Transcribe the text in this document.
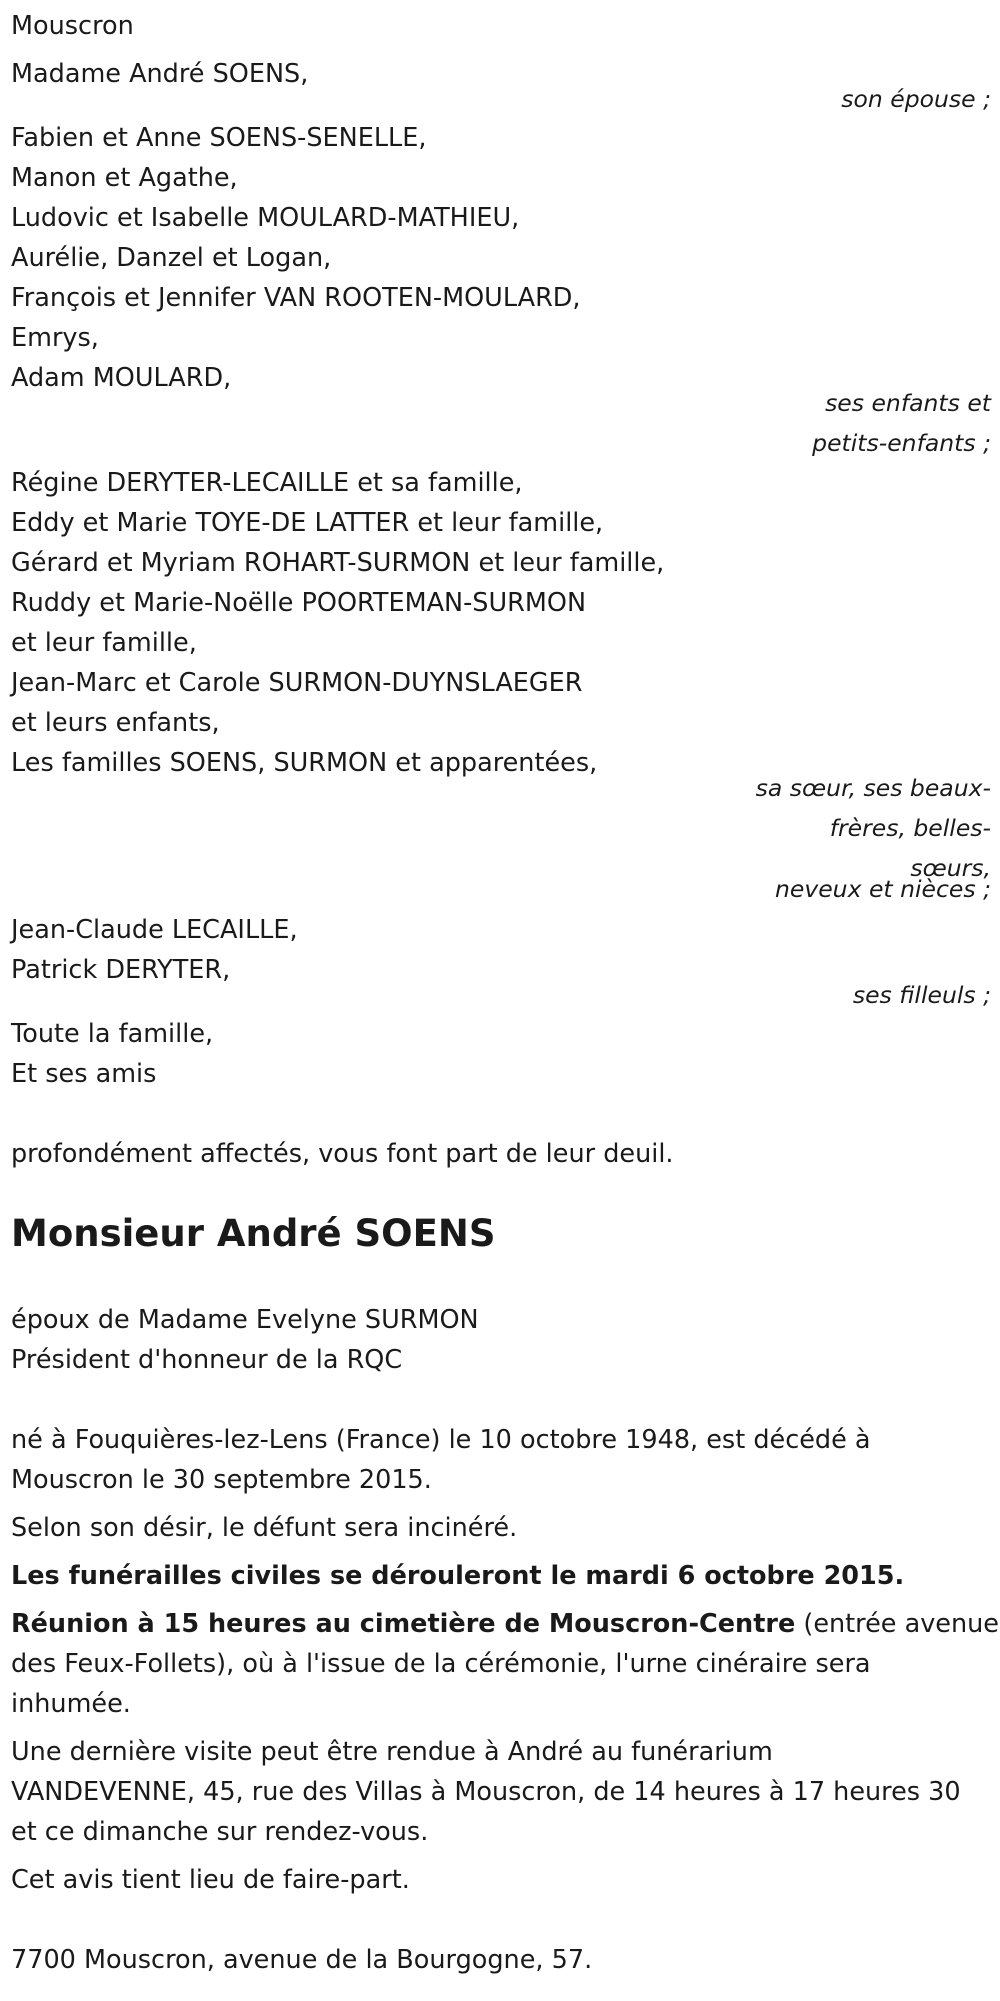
Mouscron
Madame André SOENS,
son épouse ;
Fabien et Anne SOENS-SENELLE,
Manon et Agathe,
Ludovic et Isabelle MOULARD-MATHIEU,
Aurélie, Danzel et Logan,
François et Jennifer VAN ROOTEN-MOULARD,
Emrys,
Adam MOULARD,
ses enfants et
petits-enfants ;
Régine DERYTER-LECAILLE et sa famille,
Eddy et Marie TOYE-DE LATTER et leur famille,
Gérard et Myriam ROHART-SURMON et leur famille,
Ruddy et Marie-Noëlle POORTEMAN-SURMON
et leur famille,
Jean-Marc et Carole SURMON-DUYNSLAEGER
et leurs enfants,
Les familles SOENS, SURMON et apparentées,
sa sœur, ses beaux-
frères, belles-
sœurs,
neveux et nièces ;
Jean-Claude LECAILLE,
Patrick DERYTER,
ses filleuls ;
Toute la famille,
Et ses amis
profondément affectés, vous font part de leur deuil.
Monsieur André SOENS
époux de Madame Evelyne SURMON
Président d'honneur de la RQC
né à Fouquières-lez-Lens (France) le 10 octobre 1948, est décédé à
Mouscron le 30 septembre 2015.
Selon son désir, le défunt sera incinéré.
Les funérailles civiles se dérouleront le mardi 6 octobre 2015.
Réunion à 15 heures au cimetière de Mouscron-Centre (entrée avenue
des Feux-Follets), où à l'issue de la cérémonie, l'urne cinéraire sera
inhumée.
Une dernière visite peut être rendue à André au funérarium
VANDEVENNE, 45, rue des Villas à Mouscron, de 14 heures à 17 heures 30
et ce dimanche sur rendez-vous.
Cet avis tient lieu de faire-part.
7700 Mouscron, avenue de la Bourgogne, 57.
